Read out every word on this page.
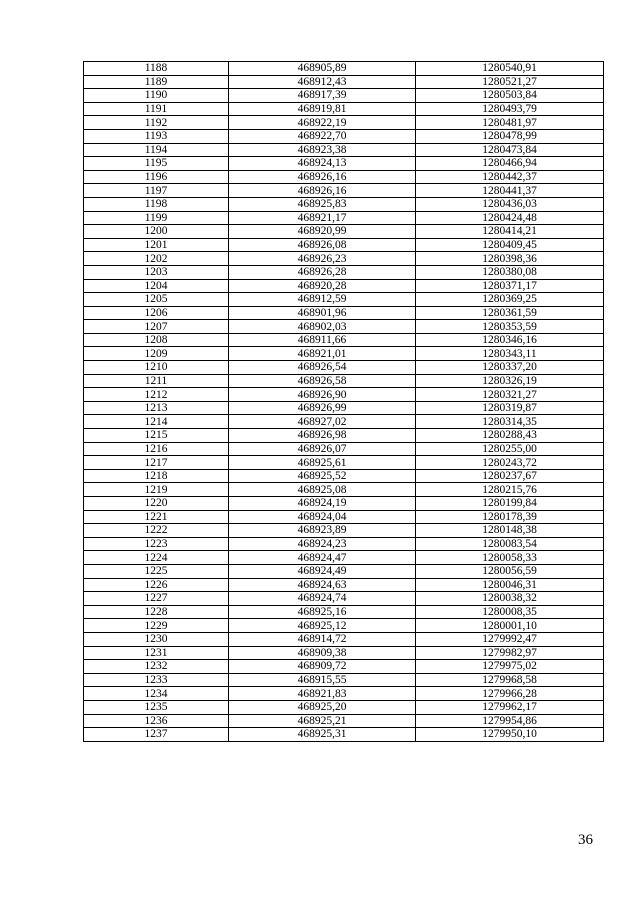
1188	468905,89	1280540,91
1189	468912,43	1280521,27
1190	468917,39	1280503,84
1191	468919,81	1280493,79
1192	468922,19	1280481,97
1193	468922,70	1280478,99
1194	468923,38	1280473,84
1195	468924,13	1280466,94
1196	468926,16	1280442,37
1197	468926,16	1280441,37
1198	468925,83	1280436,03
1199	468921,17	1280424,48
1200	468920,99	1280414,21
1201	468926,08	1280409,45
1202	468926,23	1280398,36
1203	468926,28	1280380,08
1204	468920,28	1280371,17
1205	468912,59	1280369,25
1206	468901,96	1280361,59
1207	468902,03	1280353,59
1208	468911,66	1280346,16
1209	468921,01	1280343,11
1210	468926,54	1280337,20
1211	468926,58	1280326,19
1212	468926,90	1280321,27
1213	468926,99	1280319,87
1214	468927,02	1280314,35
1215	468926,98	1280288,43
1216	468926,07	1280255,00
1217	468925,61	1280243,72
1218	468925,52	1280237,67
1219	468925,08	1280215,76
1220	468924,19	1280199,84
1221	468924,04	1280178,39
1222	468923,89	1280148,38
1223	468924,23	1280083,54
1224	468924,47	1280058,33
1225	468924,49	1280056,59
1226	468924,63	1280046,31
1227	468924,74	1280038,32
1228	468925,16	1280008,35
1229	468925,12	1280001,10
1230	468914,72	1279992,47
1231	468909,38	1279982,97
1232	468909,72	1279975,02
1233	468915,55	1279968,58
1234	468921,83	1279966,28
1235	468925,20	1279962,17
1236	468925,21	1279954,86
1237	468925,31	1279950,10
36
